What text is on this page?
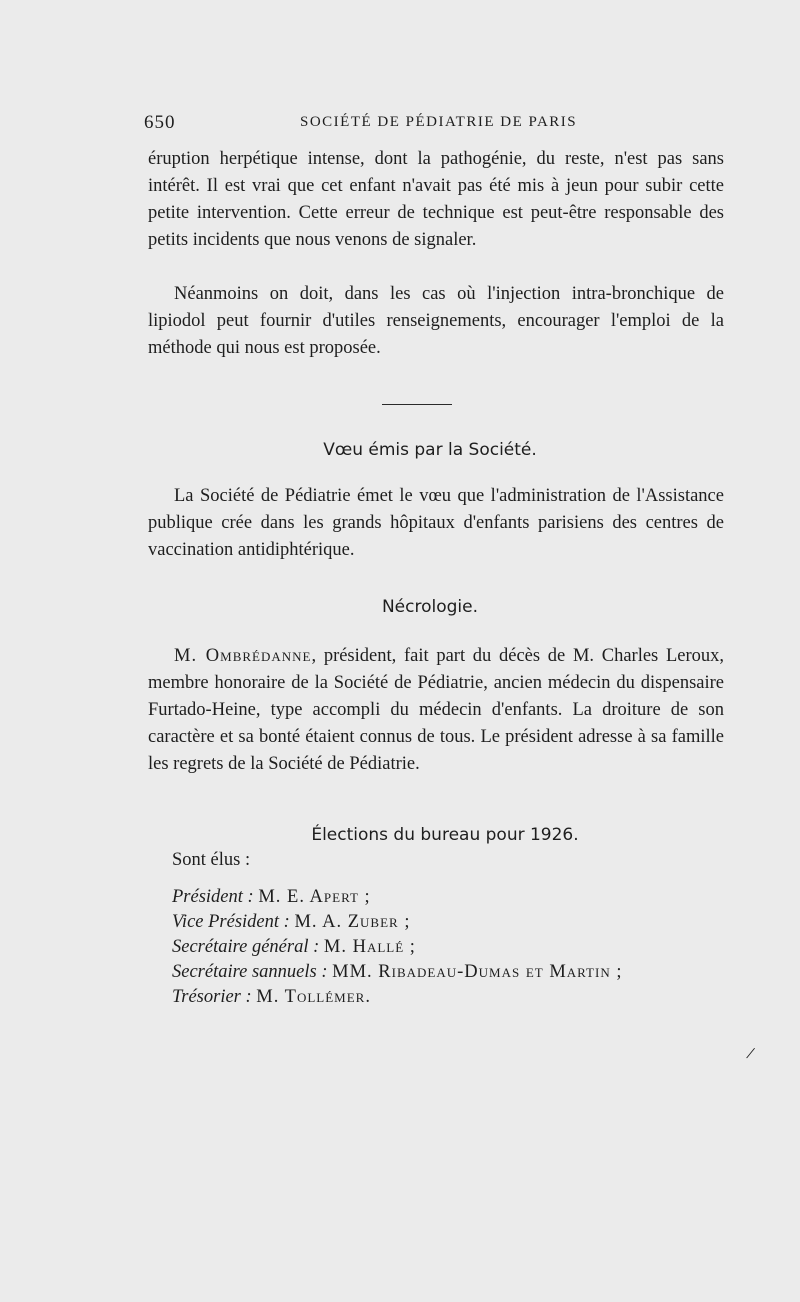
650	SOCIÉTÉ DE PÉDIATRIE DE PARIS
éruption herpétique intense, dont la pathogénie, du reste, n'est pas sans intérêt. Il est vrai que cet enfant n'avait pas été mis à jeun pour subir cette petite intervention. Cette erreur de technique est peut-être responsable des petits incidents que nous venons de signaler.
Néanmoins on doit, dans les cas où l'injection intra-bronchique de lipiodol peut fournir d'utiles renseignements, encourager l'emploi de la méthode qui nous est proposée.
Vœu émis par la Société.
La Société de Pédiatrie émet le vœu que l'administration de l'Assistance publique crée dans les grands hôpitaux d'enfants parisiens des centres de vaccination antidiphtérique.
Nécrologie.
M. Ombrédanne, président, fait part du décès de M. Charles Leroux, membre honoraire de la Société de Pédiatrie, ancien médecin du dispensaire Furtado-Heine, type accompli du médecin d'enfants. La droiture de son caractère et sa bonté étaient connus de tous. Le président adresse à sa famille les regrets de la Société de Pédiatrie.
Élections du bureau pour 1926.
Sont élus :
Président : M. E. Apert ;
Vice Président : M. A. Zuber ;
Secrétaire général : M. Hallé ;
Secrétaire sannuels : MM. Ribadeau-Dumas et Martin ;
Trésorier : M. Tollémer.
/
